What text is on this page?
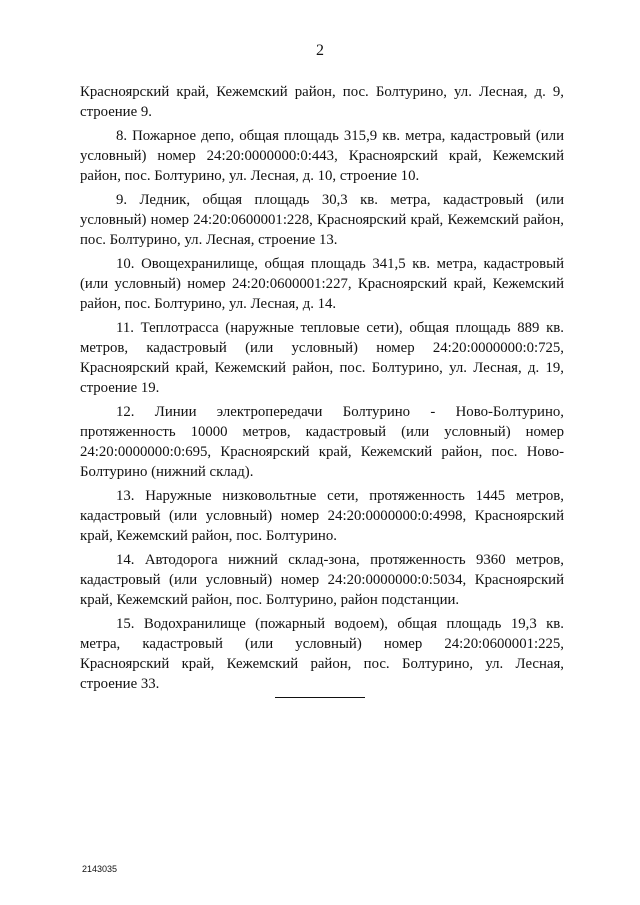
2

Красноярский край, Кежемский район, пос. Болтурино, ул. Лесная, д. 9, строение 9.

8. Пожарное депо, общая площадь 315,9 кв. метра, кадастровый (или условный) номер 24:20:0000000:0:443, Красноярский край, Кежемский район, пос. Болтурино, ул. Лесная, д. 10, строение 10.

9. Ледник, общая площадь 30,3 кв. метра, кадастровый (или условный) номер 24:20:0600001:228, Красноярский край, Кежемский район, пос. Болтурино, ул. Лесная, строение 13.

10. Овощехранилище, общая площадь 341,5 кв. метра, кадастровый (или условный) номер 24:20:0600001:227, Красноярский край, Кежемский район, пос. Болтурино, ул. Лесная, д. 14.

11. Теплотрасса (наружные тепловые сети), общая площадь 889 кв. метров, кадастровый (или условный) номер 24:20:0000000:0:725, Красноярский край, Кежемский район, пос. Болтурино, ул. Лесная, д. 19, строение 19.

12. Линии электропередачи Болтурино - Ново-Болтурино, протяженность 10000 метров, кадастровый (или условный) номер 24:20:0000000:0:695, Красноярский край, Кежемский район, пос. Ново-Болтурино (нижний склад).

13. Наружные низковольтные сети, протяженность 1445 метров, кадастровый (или условный) номер 24:20:0000000:0:4998, Красноярский край, Кежемский район, пос. Болтурино.

14. Автодорога нижний склад-зона, протяженность 9360 метров, кадастровый (или условный) номер 24:20:0000000:0:5034, Красноярский край, Кежемский район, пос. Болтурино, район подстанции.

15. Водохранилище (пожарный водоем), общая площадь 19,3 кв. метра, кадастровый (или условный) номер 24:20:0600001:225, Красноярский край, Кежемский район, пос. Болтурино, ул. Лесная, строение 33.

2143035
